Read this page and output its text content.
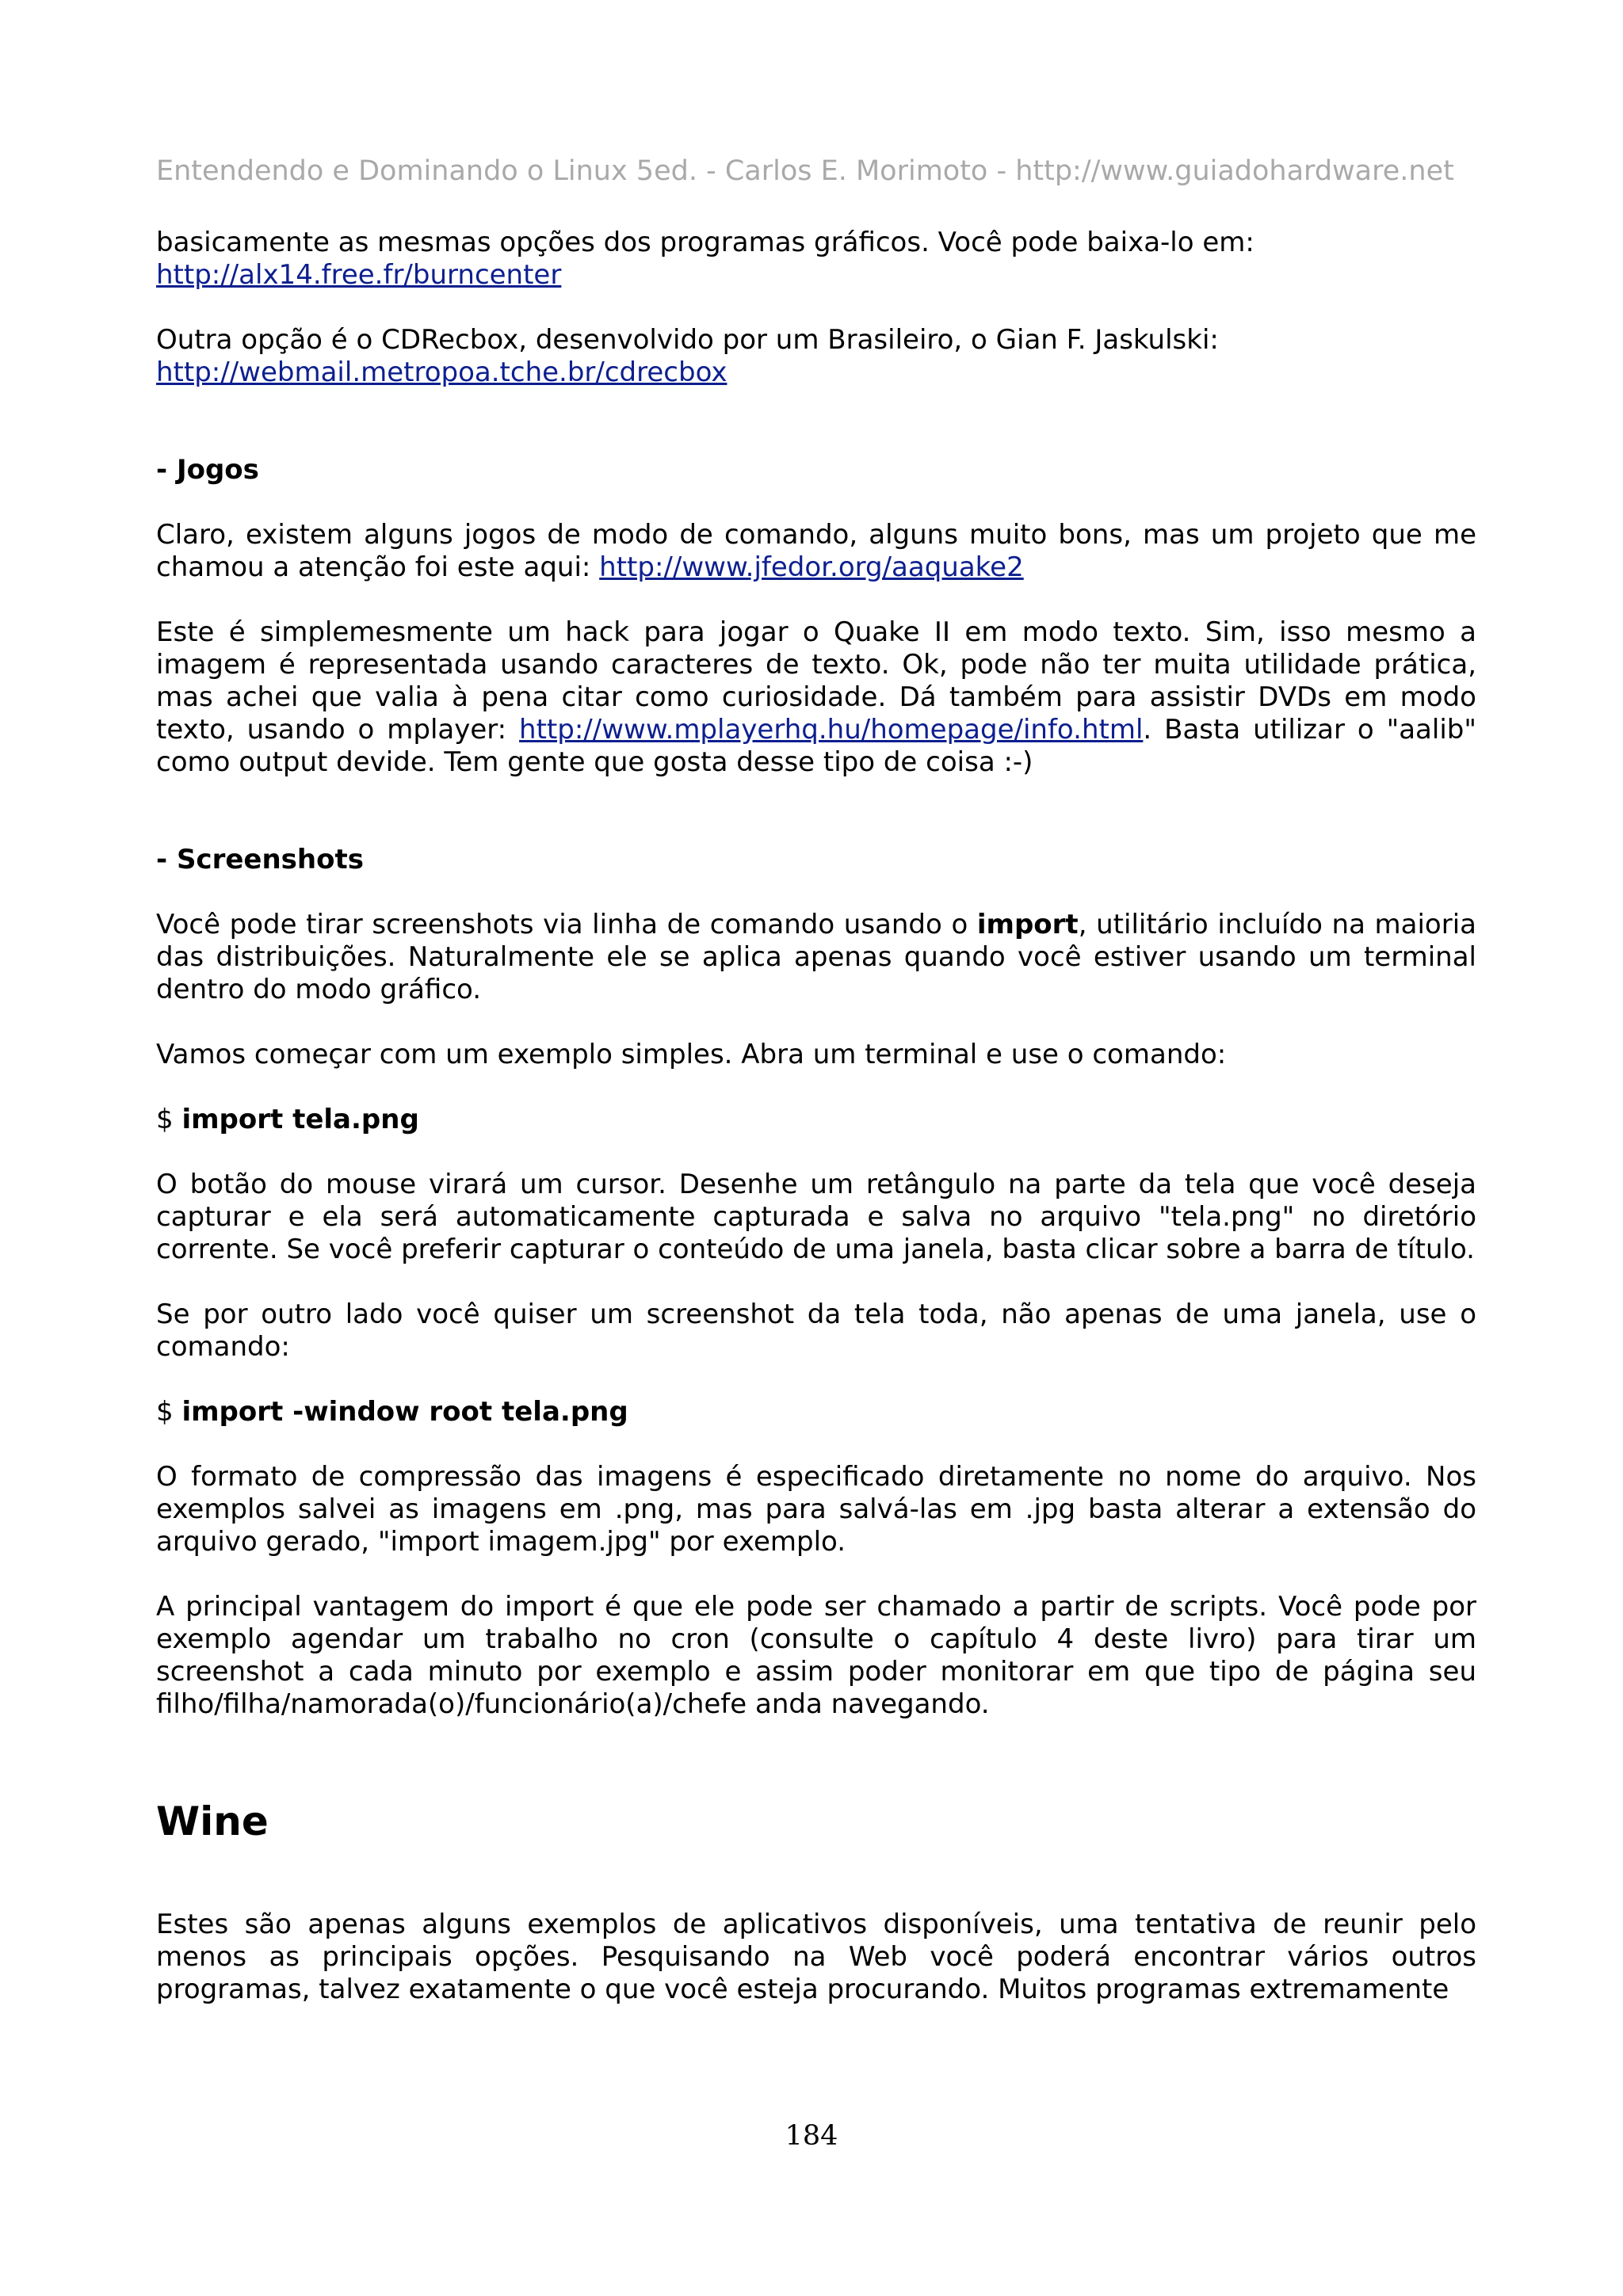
Entendendo e Dominando o Linux 5ed. - Carlos E. Morimoto - http://www.guiadohardware.net

basicamente as mesmas opções dos programas gráficos. Você pode baixa-lo em:
http://alx14.free.fr/burncenter

Outra opção é o CDRecbox, desenvolvido por um Brasileiro, o Gian F. Jaskulski:
http://webmail.metropoa.tche.br/cdrecbox

- Jogos

Claro, existem alguns jogos de modo de comando, alguns muito bons, mas um projeto que me chamou a atenção foi este aqui: http://www.jfedor.org/aaquake2

Este é simplemesmente um hack para jogar o Quake II em modo texto. Sim, isso mesmo a imagem é representada usando caracteres de texto. Ok, pode não ter muita utilidade prática, mas achei que valia à pena citar como curiosidade. Dá também para assistir DVDs em modo texto, usando o mplayer: http://www.mplayerhq.hu/homepage/info.html. Basta utilizar o "aalib" como output devide. Tem gente que gosta desse tipo de coisa :-)

- Screenshots

Você pode tirar screenshots via linha de comando usando o import, utilitário incluído na maioria das distribuições. Naturalmente ele se aplica apenas quando você estiver usando um terminal dentro do modo gráfico.

Vamos começar com um exemplo simples. Abra um terminal e use o comando:

$ import tela.png

O botão do mouse virará um cursor. Desenhe um retângulo na parte da tela que você deseja capturar e ela será automaticamente capturada e salva no arquivo "tela.png" no diretório corrente. Se você preferir capturar o conteúdo de uma janela, basta clicar sobre a barra de título.

Se por outro lado você quiser um screenshot da tela toda, não apenas de uma janela, use o comando:

$ import -window root tela.png

O formato de compressão das imagens é especificado diretamente no nome do arquivo. Nos exemplos salvei as imagens em .png, mas para salvá-las em .jpg basta alterar a extensão do arquivo gerado, "import imagem.jpg" por exemplo.

A principal vantagem do import é que ele pode ser chamado a partir de scripts. Você pode por exemplo agendar um trabalho no cron (consulte o capítulo 4 deste livro) para tirar um screenshot a cada minuto por exemplo e assim poder monitorar em que tipo de página seu filho/filha/namorada(o)/funcionário(a)/chefe anda navegando.

Wine

Estes são apenas alguns exemplos de aplicativos disponíveis, uma tentativa de reunir pelo menos as principais opções. Pesquisando na Web você poderá encontrar vários outros programas, talvez exatamente o que você esteja procurando. Muitos programas extremamente

184
